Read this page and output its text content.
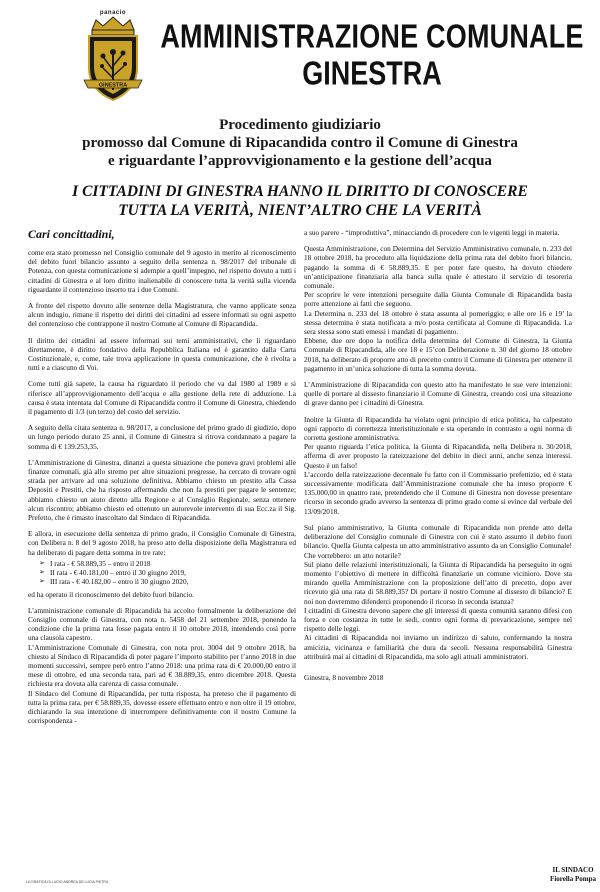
GINESTRA
panacio
AMMINISTRAZIONE COMUNALE
GINESTRA
Procedimento giudiziario
promosso dal Comune di Ripacandida contro il Comune di Ginestra
e riguardante l’approvvigionamento e la gestione dell’acqua
I CITTADINI DI GINESTRA HANNO IL DIRITTO DI CONOSCERE
TUTTA LA VERITÀ, NIENT’ALTRO CHE LA VERITÀ

Cari concittadini,

come era stato promesso nel Consiglio comunale del 9 agosto in merito al riconoscimento del debito fuori bilancio assunto a seguito della sentenza n. 98/2017 del tribunale di Potenza, con questa comunicazione si adempie a quell’impegno, nel rispetto dovuto a tutti i cittadini di Ginestra e al loro diritto inalienabile di conoscere tutta la verità sulla vicenda riguardante il contenzioso insorto tra i due Comuni.

A fronte del rispetto dovuto alle sentenze della Magistratura, che vanno applicate senza alcun indugio, rimane il rispetto dei diritti dei cittadini ad essere informati su ogni aspetto del contenzioso che contrappone il nostro Comune al Comune di Ripacandida.

Il diritto dei cittadini ad essere informati sui temi amministrativi, che li riguardano direttamente, è diritto fondativo della Repubblica Italiana ed è garantito dalla Carta Costituzionale, e, come, tale trova applicazione in questa comunicazione, che è rivolta a tutti e a ciascuno di Voi.

Come tutti già sapete, la causa ha riguardato il periodo che va dal 1980 al 1989 e si riferisce all’approvvigionamento dell’acqua e alla gestione della rete di adduzione. La causa è stata intentata dal Comune di Ripacandida contro il Comune di Ginestra, chiedendo il pagamento di 1/3 (un terzo) del costo del servizio.

A seguito della citata sentenza n. 98/2017, a conclusione del primo grado di giudizio, dopo un lungo periodo durato 25 anni, il Comune di Ginestra si ritrova condannato a pagare la somma di € 139.253,35.

L’Amministrazione di Ginestra, dinanzi a questa situazione che poneva gravi problemi alle finanze comunali, già allo stremo per altre situazioni pregresse, ha cercato di trovare ogni strada per arrivare ad una soluzione definitiva. Abbiamo chiesto un prestito alla Cassa Depositi e Prestiti, che ha risposto affermando che non fa prestiti per pagare le sentenze; abbiamo chiesto un aiuto diretto alla Regione e al Consiglio Regionale, senza ottenere alcun riscontro; abbiamo chiesto ed ottenuto un autorevole intervento di sua Ecc.za il Sig. Prefetto, che è rimasto inascoltato dal Sindaco di Ripacandida.

E allora, in esecuzione della sentenza di primo grado, il Consiglio Comunale di Ginestra, con Delibera n. 8 del 9 agosto 2018, ha preso atto della disposizione della Magistratura ed ha deliberato di pagare detta somma in tre rate:

➢ I rata - € 58.889,35 – entro il 2018
➢ II rata - € 40.181,00 – entro il 30 giugno 2019,
➢ III rata - € 40.182,00 – entro il 30 giugno 2020,

ed ha operato il riconoscimento del debito fuori bilancio.

L’amministrazione comunale di Ripacandida ha accolto formalmente la deliberazione del Consiglio comunale di Ginestra, con nota n. 5458 del 21 settembre 2018, ponendo la condizione che la prima rata fosse pagata entro il 10 ottobre 2018, intendendo così porre una clausola capestro.

L’Amministrazione Comunale di Ginestra, con nota prot. 3004 del 9 ottobre 2018, ha chiesto al Sindaco di Ripacandida di poter pagare l’importo stabilito per l’anno 2018 in due momenti successivi, sempre però entro l’anno 2018: una prima rata di € 20.000,00 entro il mese di ottobre, ed una seconda rata, pari ad € 38.889,35, entro dicembre 2018. Questa richiesta era dovuta alla carenza di cassa comunale.

Il Sindaco del Comune di Ripacandida, per tutta risposta, ha preteso che il pagamento di tutta la prima rata, per € 58.889,35, dovesse essere effettuato entro e non oltre il 19 ottobre, dichiarando la sua intenzione di interrompere definitivamente con il nostro Comune la corrispondenza -

a suo parere - “improduttiva”, minacciando di procedere con le vigenti leggi in materia.

Questa Amministrazione, con Determina del Servizio Amministrativo comunale, n. 233 del 18 ottobre 2018, ha proceduto alla liquidazione della prima rata del debito fuori bilancio, pagando la somma di € 58.889,35. E per poter fare questo, ha dovuto chiedere un’anticipazione finanziaria alla banca sulla quale è attestato il servizio di tesoreria comunale.

Per scoprire le vere intenzioni perseguite dalla Giunta Comunale di Ripacandida basta porre attenzione ai fatti che seguono.

La Determina n. 233 del 18 ottobre è stata assunta al pomeriggio; e alle ore 16 e 19’ la stessa determina è stata notificata a m/o posta certificata al Comune di Ripacandida. La sera stessa sono stati emessi i mandati di pagamento.

Ebbene, due ore dopo la notifica della determina del Comune di Ginestra, la Giunta Comunale di Ripacandida, alle ore 18 e 15’con Deliberazione n. 30 del giorno 18 ottobre 2018, ha deliberato di proporre atto di precetto contro il Comune di Ginestra per ottenere il pagamento in un’unica soluzione di tutta la somma dovuta.

L’Amministrazione di Ripacandida con questo atto ha manifestato le sue vere intenzioni: quelle di portare al dissesto finanziario il Comune di Ginestra, creando così una situazione di grave danno per i cittadini di Ginestra.

Inoltre la Giunta di Ripacandida ha violato ogni principio di etica politica, ha calpestato ogni rapporto di correttezza interistituzionale e sta operando in contrasto a ogni norma di corretta gestione amministrativa.

Per quanto riguarda l’etica politica, la Giunta di Ripacandida, nella Delibera n. 30/2018, afferma di aver proposto la rateizzazione del debito in dieci anni, anche senza interessi. Questo è un falso!

L’accordo della rateizzazione decennale fu fatto con il Commissario prefettizio, ed è stata successivamente modificata dall’Amministrazione comunale che ha inteso proporre € 135.000,00 in quattro rate, pretendendo che il Comune di Ginestra non dovesse presentare ricorso in secondo grado avverso la sentenza di primo grado come si evince dal verbale del 13/09/2018.

Sul piano amministrativo, la Giunta comunale di Ripacandida non prende atto della deliberazione del Consiglio comunale di Ginestra con cui è stato assunto il debito fuori bilancio. Quella Giunta calpesta un atto amministrativo assunto da un Consiglio Comunale! Che vorrebbero: un atto notarile?

Sul piano delle relazioni interistituzionali, la Giunta di Ripacandida ha perseguito in ogni momento l’obiettivo di mettere in difficoltà finanziarie un comune vicinioro. Dove sta mirando quella Amministrazione con la proposizione dell’atto di precetto, dopo aver ricevuto già una rata di 58.889,35? Di portare il nostro Comune al dissesto di bilancio? E noi non dovremmo difenderci proponendo il ricorso in seconda istanza?

I cittadini di Ginestra devono sapere che gli interessi di questa comunità saranno difesi con forza e con costanza in tutte le sedi, contro ogni forma di prevaricazione, sempre nel rispetto delle leggi.

Ai cittadini di Ripacandida noi inviamo un indirizzo di saluto, confermando la nostra amicizia, vicinanza e familiarità che dura da secoli. Nessuna responsabilità Ginestra attribuirà mai ai cittadini di Ripacandida, ma solo agli attuali amministratori.

Ginestra, 8 novembre 2018
IL SINDACO
Fiorella Pompa
LA GRAFICA DI LUCIO ANDREA DE LUCIA PIETRA
